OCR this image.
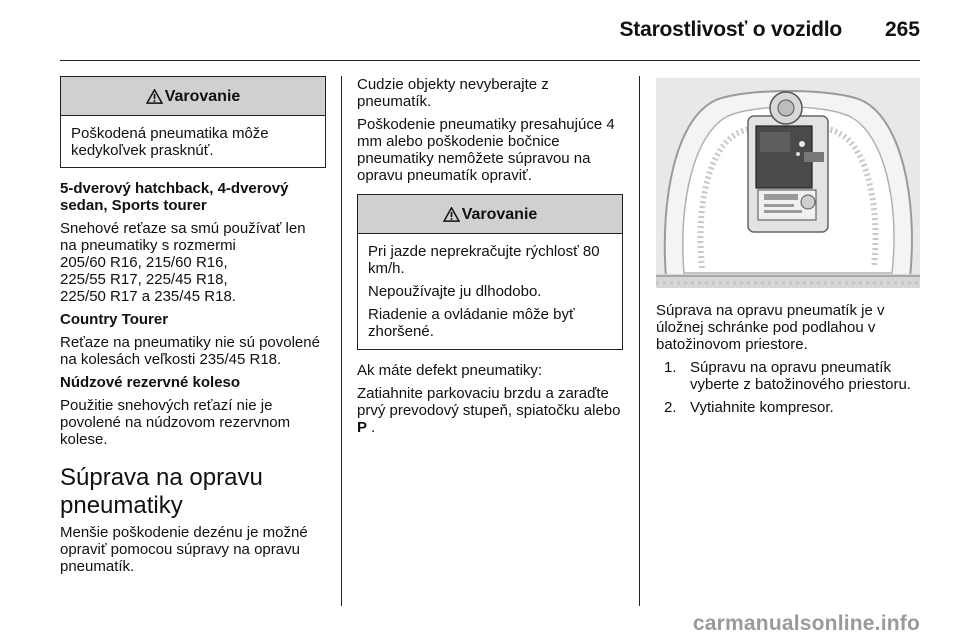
Starostlivosť o vozidlo 265
Varovanie

Poškodená pneumatika môže kedykoľvek prasknúť.

5-dverový hatchback, 4-dverový sedan, Sports tourer

Snehové reťaze sa smú používať len na pneumatiky s rozmermi
205/60 R16, 215/60 R16,
225/55 R17, 225/45 R18,
225/50 R17 a 235/45 R18.

Country Tourer

Reťaze na pneumatiky nie sú povolené na kolesách veľkosti 235/45 R18.

Núdzové rezervné koleso

Použitie snehových reťazí nie je povolené na núdzovom rezervnom kolese.

Súprava na opravu pneumatiky

Menšie poškodenie dezénu je možné opraviť pomocou súpravy na opravu pneumatík.

Cudzie objekty nevyberajte z pneumatík.

Poškodenie pneumatiky presahujúce 4 mm alebo poškodenie bočnice pneumatiky nemôžete súpravou na opravu pneumatík opraviť.

Varovanie

Pri jazde neprekračujte rýchlosť 80 km/h.

Nepoužívajte ju dlhodobo.

Riadenie a ovládanie môže byť zhoršené.

Ak máte defekt pneumatiky:

Zatiahnite parkovaciu brzdu a zaraďte prvý prevodový stupeň, spiatočku alebo P .

Súprava na opravu pneumatík je v úložnej schránke pod podlahou v batožinovom priestore.

1. Súpravu na opravu pneumatík vyberte z batožinového priestoru.
2. Vytiahnite kompresor.
carmanualsonline.info
